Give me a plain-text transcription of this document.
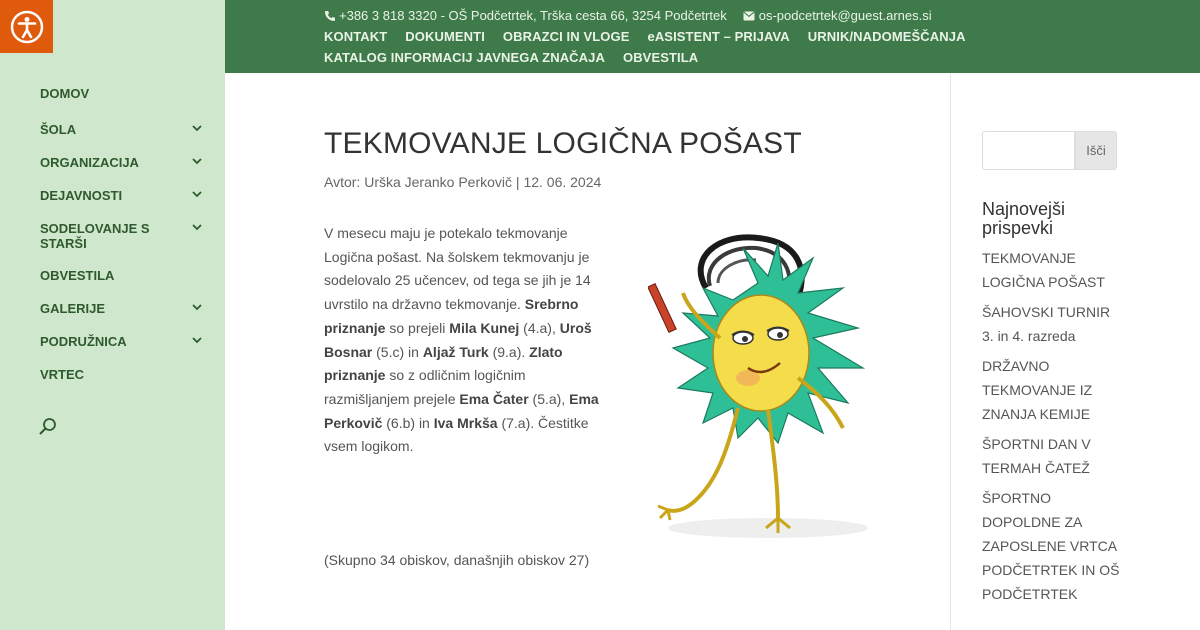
DOMOV
ŠOLA
ORGANIZACIJA
DEJAVNOSTI
SODELOVANJE S STARŠI
OBVESTILA
GALERIJE
PODRUŽNICA
VRTEC
+386 3 818 3320 - OŠ Podčetrtek, Trška cesta 66, 3254 Podčetrtek os-podcetrtek@guest.arnes.si
KONTAKT DOKUMENTI OBRAZCI IN VLOGE eASISTENT – PRIJAVA URNIK/NADOMEŠČANJA
KATALOG INFORMACIJ JAVNEGA ZNAČAJA OBVESTILA
TEKMOVANJE LOGIČNA POŠAST
Avtor: Urška Jeranko Perkovič | 12. 06. 2024
V mesecu maju je potekalo tekmovanje Logična pošast. Na šolskem tekmovanju je sodelovalo 25 učencev, od tega se jih je 14 uvrstilo na državno tekmovanje. Srebrno priznanje so prejeli Mila Kunej (4.a), Uroš Bosnar (5.c) in Aljaž Turk (9.a). Zlato priznanje so z odličnim logičnim razmišljanjem prejele Ema Čater (5.a), Ema Perkovič (6.b) in Iva Mrkša (7.a). Čestitke vsem logikom.
(Skupno 34 obiskov, današnjih obiskov 27)
Išči
Najnovejši prispevki
TEKMOVANJE LOGIČNA POŠAST
ŠAHOVSKI TURNIR 3. in 4. razreda
DRŽAVNO TEKMOVANJE IZ ZNANJA KEMIJE
ŠPORTNI DAN V TERMAH ČATEŽ
ŠPORTNO DOPOLDNE ZA ZAPOSLENE VRTCA PODČETRTEK IN OŠ PODČETRTEK
